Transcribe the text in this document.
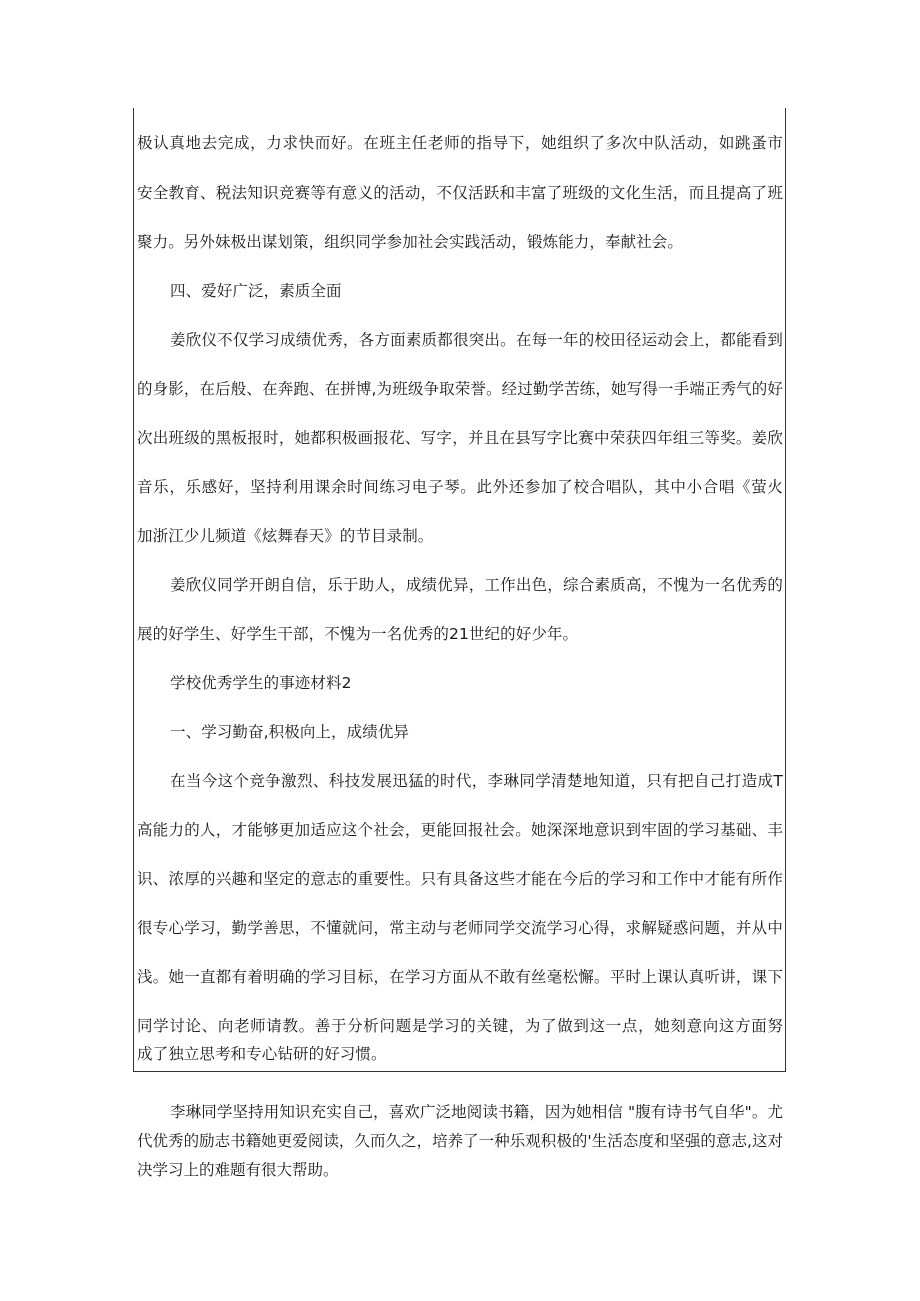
极认真地去完成，力求快而好。在班主任老师的指导下，她组织了多次中队活动，如跳蚤市
安全教育、税法知识竞赛等有意义的活动，不仅活跃和丰富了班级的文化生活，而且提高了班
聚力。另外妹极出谋划策，组织同学参加社会实践活动，锻炼能力，奉献社会。
四、爱好广泛，素质全面
姜欣仪不仅学习成绩优秀，各方面素质都很突出。在每一年的校田径运动会上，都能看到
的身影，在后般、在奔跑、在拼博,为班级争取荣誉。经过勤学苦练，她写得一手端正秀气的好
次出班级的黑板报时，她都积极画报花、写字，并且在县写字比赛中荣获四年组三等奖。姜欣
音乐，乐感好，坚持利用课余时间练习电子琴。此外还参加了校合唱队，其中小合唱《萤火
加浙江少儿频道《炫舞春天》的节目录制。
姜欣仪同学开朗自信，乐于助人，成绩优异，工作出色，综合素质高，不愧为一名优秀的
展的好学生、好学生干部，不愧为一名优秀的21世纪的好少年。
学校优秀学生的事迹材料2
一、学习勤奋,积极向上，成绩优异
在当今这个竞争激烈、科技发展迅猛的时代，李琳同学清楚地知道，只有把自己打造成T
高能力的人，才能够更加适应这个社会，更能回报社会。她深深地意识到牢固的学习基础、丰
识、浓厚的兴趣和坚定的意志的重要性。只有具备这些才能在今后的学习和工作中才能有所作
很专心学习，勤学善思，不懂就问，常主动与老师同学交流学习心得，求解疑惑问题，并从中
浅。她一直都有着明确的学习目标，在学习方面从不敢有丝毫松懈。平时上课认真听讲，课下
同学讨论、向老师请教。善于分析问题是学习的关键，为了做到这一点，她刻意向这方面努
成了独立思考和专心钻研的好习惯。
李琳同学坚持用知识充实自己，喜欢广泛地阅读书籍，因为她相信 "腹有诗书气自华"。尤
代优秀的励志书籍她更爱阅读，久而久之，培养了一种乐观积极的'生活态度和坚强的意志,这对
决学习上的难题有很大帮助。
